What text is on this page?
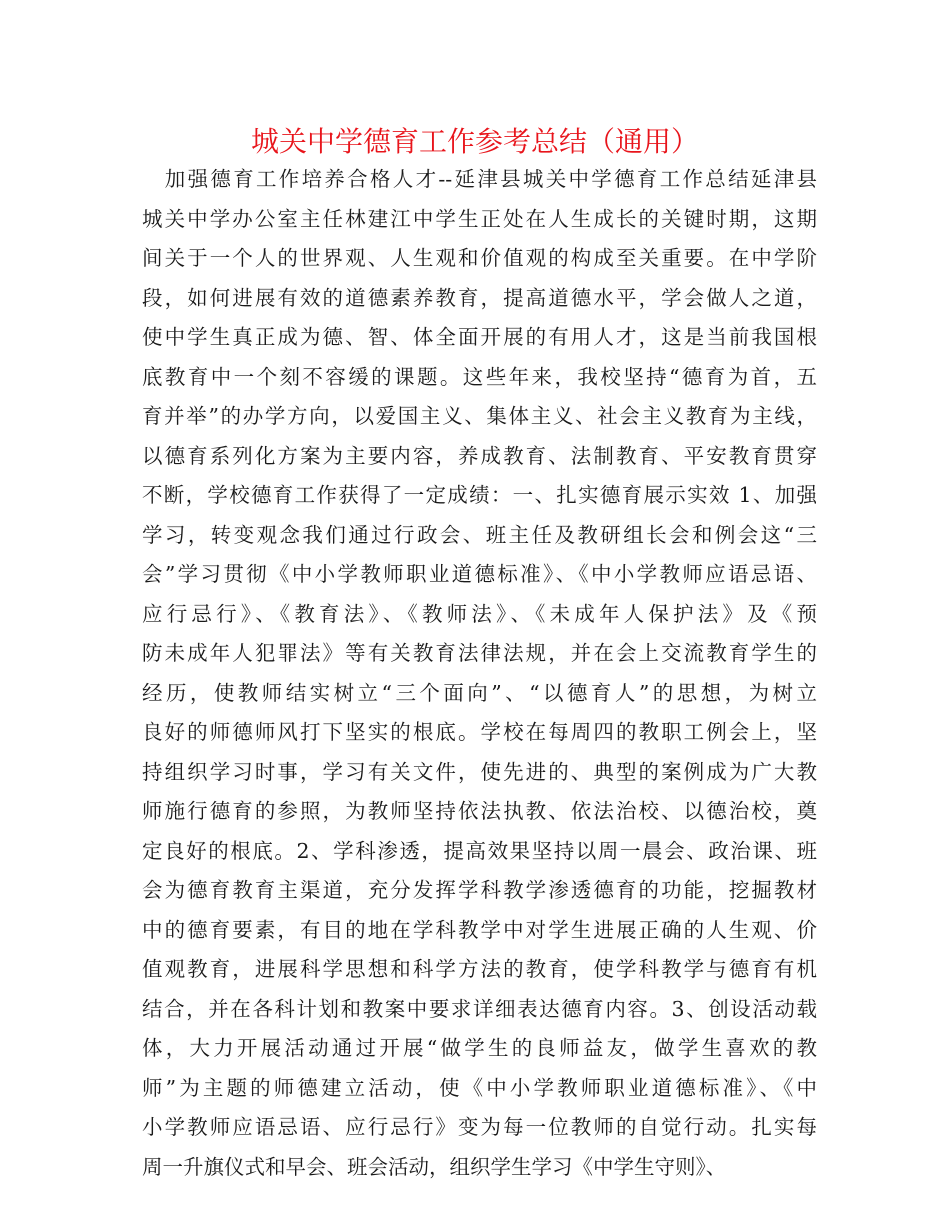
城关中学德育工作参考总结（通用）
　加强德育工作培养合格人才--延津县城关中学德育工作总结延津县
城关中学办公室主任林建江中学生正处在人生成长的关键时期，这期
间关于一个人的世界观、人生观和价值观的构成至关重要。在中学阶
段，如何进展有效的道德素养教育，提高道德水平，学会做人之道，
使中学生真正成为德、智、体全面开展的有用人才，这是当前我国根
底教育中一个刻不容缓的课题。这些年来，我校坚持“德育为首，五
育并举”的办学方向，以爱国主义、集体主义、社会主义教育为主线，
以德育系列化方案为主要内容，养成教育、法制教育、平安教育贯穿
不断，学校德育工作获得了一定成绩：一、扎实德育展示实效 1、加强
学习，转变观念我们通过行政会、班主任及教研组长会和例会这“三
会”学习贯彻《中小学教师职业道德标准》、《中小学教师应语忌语、
应行忌行》、《教育法》、《教师法》、《未成年人保护法》及《预
防未成年人犯罪法》等有关教育法律法规，并在会上交流教育学生的
经历，使教师结实树立“三个面向”、“以德育人”的思想，为树立
良好的师德师风打下坚实的根底。学校在每周四的教职工例会上，坚
持组织学习时事，学习有关文件，使先进的、典型的案例成为广大教
师施行德育的参照，为教师坚持依法执教、依法治校、以德治校，奠
定良好的根底。2、学科渗透，提高效果坚持以周一晨会、政治课、班
会为德育教育主渠道，充分发挥学科教学渗透德育的功能，挖掘教材
中的德育要素，有目的地在学科教学中对学生进展正确的人生观、价
值观教育，进展科学思想和科学方法的教育，使学科教学与德育有机
结合，并在各科计划和教案中要求详细表达德育内容。3、创设活动载
体，大力开展活动通过开展“做学生的良师益友，做学生喜欢的教
师”为主题的师德建立活动，使《中小学教师职业道德标准》、《中
小学教师应语忌语、应行忌行》变为每一位教师的自觉行动。扎实每
周一升旗仪式和早会、班会活动，组织学生学习《中学生守则》、
